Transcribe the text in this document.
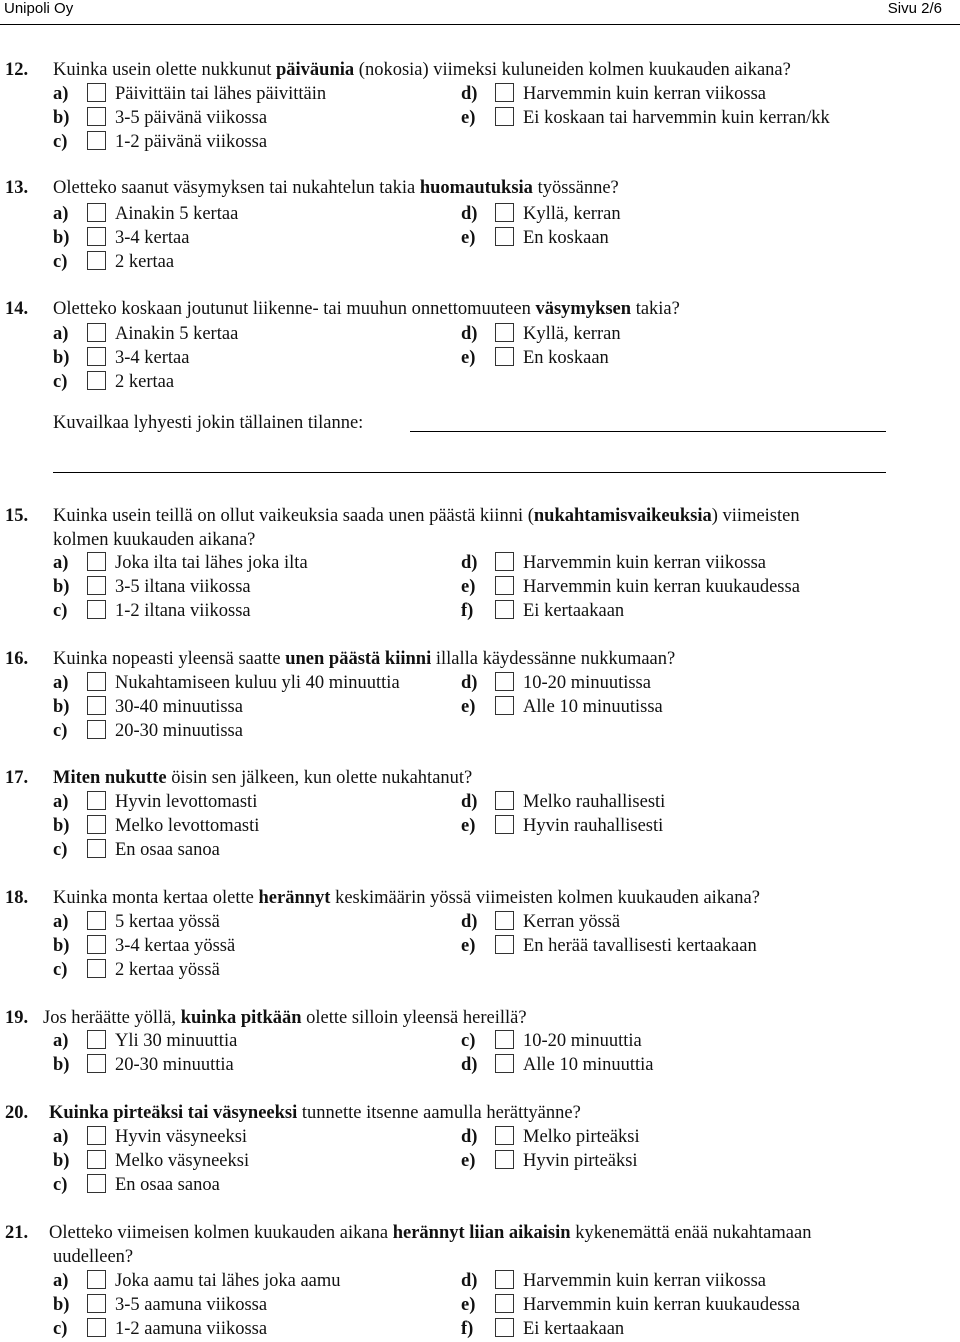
Unipoli Oy	Sivu 2/6
12. Kuinka usein olette nukkunut päiväunia (nokosia) viimeksi kuluneiden kolmen kuukauden aikana?
a)	Päivittäin tai lähes päivittäin
b) 3-5 päivänä viikossa
c)	1-2 päivänä viikossa
d) Harvemmin kuin kerran viikossa
e)	Ei koskaan tai harvemmin kuin kerran/kk
13. Oletteko saanut väsymyksen tai nukahtelun takia huomautuksia työssänne?
a)	Ainakin 5 kertaa
b) 3-4 kertaa
c)	2 kertaa
d) Kyllä, kerran
e)	En koskaan
14. Oletteko koskaan joutunut liikenne- tai muuhun onnettomuuteen väsymyksen takia?
a)	Ainakin 5 kertaa
b) 3-4 kertaa
c)	2 kertaa
d) Kyllä, kerran
e)	En koskaan
Kuvailkaa lyhyesti jokin tällainen tilanne:
15. Kuinka usein teillä on ollut vaikeuksia saada unen päästä kiinni (nukahtamisvaikeuksia) viimeisten
kolmen kuukauden aikana?
a)	Joka ilta tai lähes joka ilta
b) 3-5 iltana viikossa
c)	1-2 iltana viikossa
d) Harvemmin kuin kerran viikossa
e)	Harvemmin kuin kerran kuukaudessa
f)	Ei kertaakaan
16. Kuinka nopeasti yleensä saatte unen päästä kiinni illalla käydessänne nukkumaan?
a)	Nukahtamiseen kuluu yli 40 minuuttia
b) 30-40 minuutissa
c)	20-30 minuutissa
d) 10-20 minuutissa
e)	Alle 10 minuutissa
17. Miten nukutte öisin sen jälkeen, kun olette nukahtanut?
a)	Hyvin levottomasti
b) Melko levottomasti
c)	En osaa sanoa
d) Melko rauhallisesti
e)	Hyvin rauhallisesti
18. Kuinka monta kertaa olette herännyt keskimäärin yössä viimeisten kolmen kuukauden aikana?
a)	5 kertaa yössä
b) 3-4 kertaa yössä
c)	2 kertaa yössä
d) Kerran yössä
e)	En herää tavallisesti kertaakaan
19. Jos heräätte yöllä, kuinka pitkään olette silloin yleensä hereillä?
a)	Yli 30 minuuttia
b) 20-30 minuuttia
c)	10-20 minuuttia
d) Alle 10 minuuttia
20. Kuinka pirteäksi tai väsyneeksi tunnette itsenne aamulla herättyänne?
a)	Hyvin väsyneeksi
b) Melko väsyneeksi
c)	En osaa sanoa
d) Melko pirteäksi
e)	Hyvin pirteäksi
21. Oletteko viimeisen kolmen kuukauden aikana herännyt liian aikaisin kykenemättä enää nukahtamaan
uudelleen?
a)	Joka aamu tai lähes joka aamu
b) 3-5 aamuna viikossa
c)	1-2 aamuna viikossa
d) Harvemmin kuin kerran viikossa
e)	Harvemmin kuin kerran kuukaudessa
f)	Ei kertaakaan
